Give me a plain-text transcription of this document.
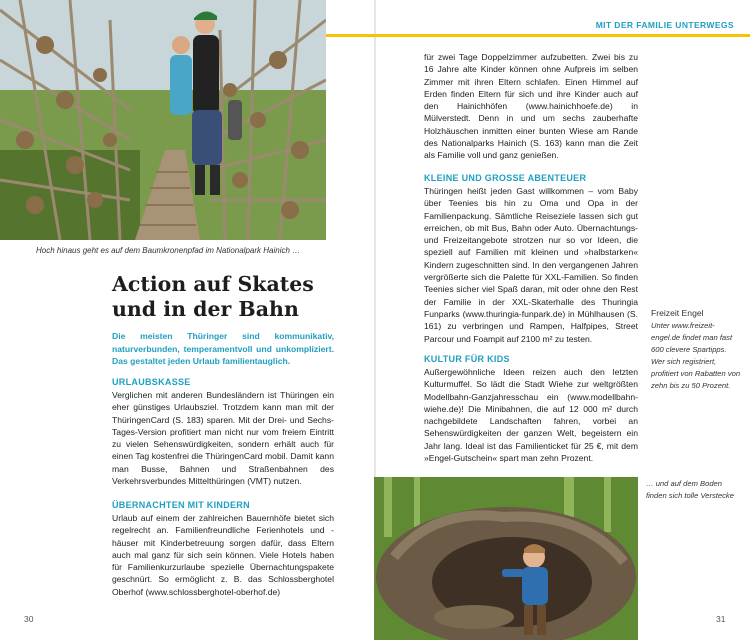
MIT DER FAMILIE UNTERWEGS
Hoch hinaus geht es auf dem Baumkronenpfad im Nationalpark Hainich …
Action auf Skates und in der Bahn
Die meisten Thüringer sind kommunikativ, naturverbunden, temperamentvoll und unkompliziert. Das gestaltet jeden Urlaub familientauglich.
URLAUBSKASSE
Verglichen mit anderen Bundesländern ist Thüringen ein eher günstiges Urlaubsziel. Trotzdem kann man mit der ThüringenCard (S. 183) sparen. Mit der Drei- und Sechs-Tages-Version profitiert man nicht nur vom freiem Eintritt zu vielen Sehenswürdigkeiten, sondern erhält auch für einen Tag kostenfrei die ThüringenCard mobil. Damit kann man Busse, Bahnen und Straßenbahnen des Verkehrsverbundes Mittelthüringen (VMT) nutzen.
ÜBERNACHTEN MIT KINDERN
Urlaub auf einem der zahlreichen Bauernhöfe bietet sich regelrecht an. Familienfreundliche Ferienhotels und -häuser mit Kinderbetreuung sorgen dafür, dass Eltern auch mal ganz für sich sein können. Viele Hotels haben für Familienkurzurlaube spezielle Übernachtungspakete geschnürt. So ermöglicht z. B. das Schlossberghotel Oberhof (www.schlossberghotel-oberhof.de)
30
für zwei Tage Doppelzimmer aufzubetten. Zwei bis zu 16 Jahre alte Kinder können ohne Aufpreis im selben Zimmer mit ihren Eltern schlafen. Einen Himmel auf Erden finden Eltern für sich und ihre Kinder auch auf den Hainichhöfen (www.hainichhoefe.de) in Mülverstedt. Denn in und um sechs zauberhafte Holzhäuschen inmitten einer bunten Wiese am Rande des Nationalparks Hainich (S. 163) kann man die Zeit als Familie voll und ganz genießen.
KLEINE UND GROSSE ABENTEUER
Thüringen heißt jeden Gast willkommen – vom Baby über Teenies bis hin zu Oma und Opa in der Familienpackung. Sämtliche Reiseziele lassen sich gut erreichen, ob mit Bus, Bahn oder Auto. Übernachtungs- und Freizeitangebote strotzen nur so vor Ideen, die speziell auf Familien mit kleinen und »halbstarken« Kindern zugeschnitten sind. In den vergangenen Jahren vergrößerte sich die Palette für XXL-Familien. So finden Teenies sicher viel Spaß daran, mit oder ohne den Rest der Familie in der XXL-Skaterhalle des Thuringia Funparks (www.thuringia-funpark.de) in Mühlhausen (S. 161) zu verbringen und Rampen, Halfpipes, Street Parcour und Foampit auf 2100 m² zu testen.
KULTUR FÜR KIDS
Außergewöhnliche Ideen reizen auch den letzten Kulturmuffel. So lädt die Stadt Wiehe zur weltgrößten Modellbahn-Ganzjahresschau ein (www.modellbahn-wiehe.de)! Die Minibahnen, die auf 12 000 m² durch nachgebildete Landschaften fahren, vorbei an Sehenswürdigkeiten der ganzen Welt, begeistern ein Jahr lang. Ideal ist das Familienticket für 25 €, mit dem »Engel-Gutschein« spart man zehn Prozent.
Freizeit Engel
Unter www.freizeit-engel.de findet man fast 600 clevere Spartipps. Wer sich registriert, profitiert von Rabatten von zehn bis zu 50 Prozent.
… und auf dem Boden finden sich tolle Verstecke
31
